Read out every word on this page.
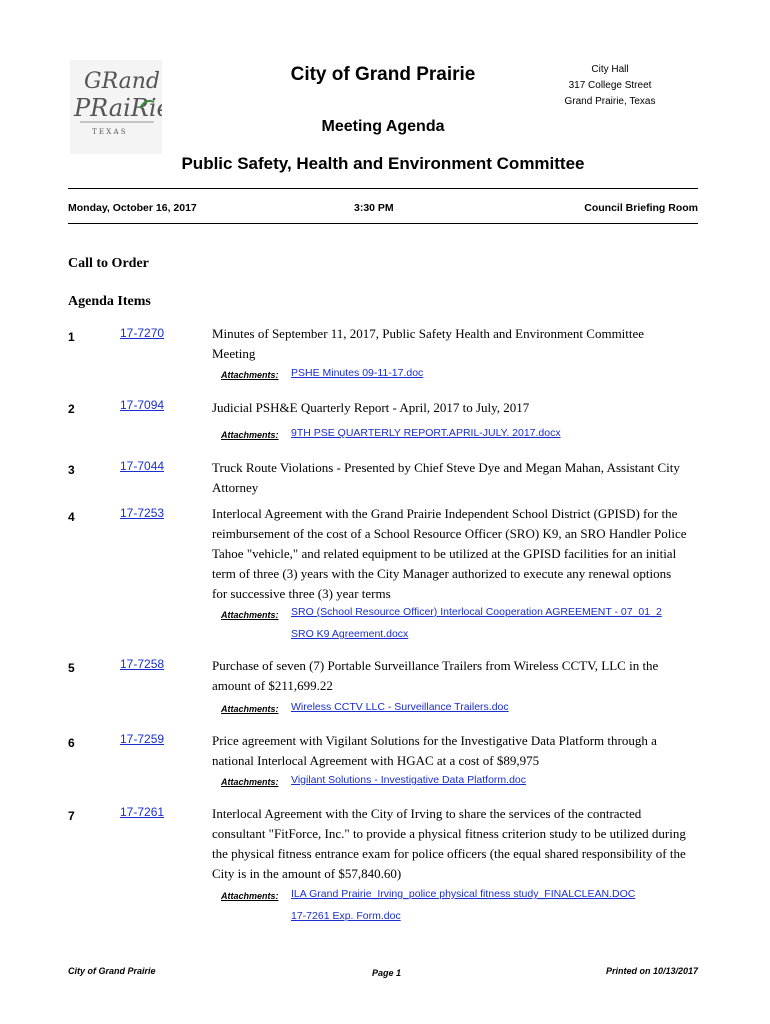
GRand
PRaiRie
T E X A S
City of Grand Prairie
Meeting Agenda
Public Safety, Health and Environment Committee
City Hall
317 College Street
Grand Prairie, Texas
Monday, October 16, 2017	3:30 PM	Council Briefing Room
Call to Order
Agenda Items
1	17-7270	Minutes of September 11, 2017, Public Safety Health and Environment Committee Meeting
Attachments: PSHE Minutes 09-11-17.doc
2	17-7094	Judicial PSH&E Quarterly Report - April, 2017 to July, 2017
Attachments: 9TH PSE QUARTERLY REPORT.APRIL-JULY. 2017.docx
3	17-7044	Truck Route Violations - Presented by Chief Steve Dye and Megan Mahan, Assistant City Attorney
4	17-7253	Interlocal Agreement with the Grand Prairie Independent School District (GPISD) for the reimbursement of the cost of a School Resource Officer (SRO) K9, an SRO Handler Police Tahoe "vehicle," and related equipment to be utilized at the GPISD facilities for an initial term of three (3) years with the City Manager authorized to execute any renewal options for successive three (3) year terms
Attachments: SRO (School Resource Officer) Interlocal Cooperation AGREEMENT - 07_01_2
SRO K9 Agreement.docx
5	17-7258	Purchase of seven (7) Portable Surveillance Trailers from Wireless CCTV, LLC in the amount of $211,699.22
Attachments: Wireless CCTV LLC - Surveillance Trailers.doc
6	17-7259	Price agreement with Vigilant Solutions for the Investigative Data Platform through a national Interlocal Agreement with HGAC at a cost of $89,975
Attachments: Vigilant Solutions - Investigative Data Platform.doc
7	17-7261	Interlocal Agreement with the City of Irving to share the services of the contracted consultant "FitForce, Inc." to provide a physical fitness criterion study to be utilized during the physical fitness entrance exam for police officers (the equal shared responsibility of the City is in the amount of $57,840.60)
Attachments: ILA Grand Prairie_Irving_police physical fitness study_FINALCLEAN.DOC
17-7261 Exp. Form.doc
City of Grand Prairie	Page 1	Printed on 10/13/2017
